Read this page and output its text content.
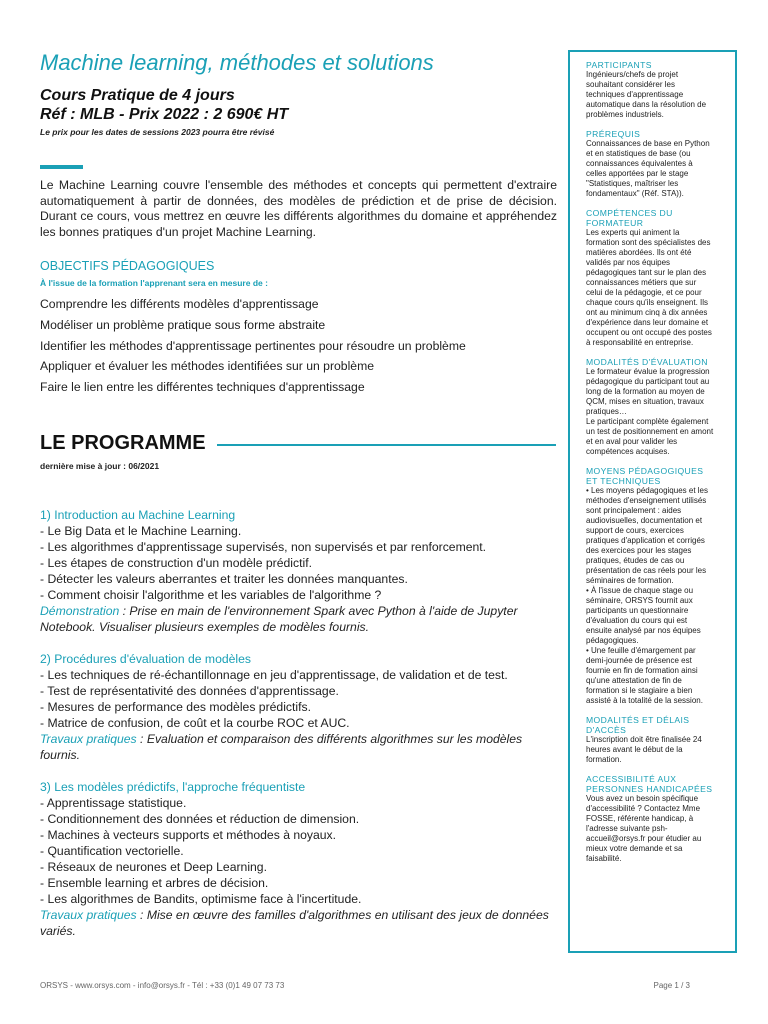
Machine learning, méthodes et solutions
Cours Pratique de 4 jours
Réf : MLB - Prix 2022 : 2 690€ HT
Le prix pour les dates de sessions 2023 pourra être révisé
Le Machine Learning couvre l'ensemble des méthodes et concepts qui permettent d'extraire automatiquement à partir de données, des modèles de prédiction et de prise de décision. Durant ce cours, vous mettrez en œuvre les différents algorithmes du domaine et appréhendez les bonnes pratiques d'un projet Machine Learning.
OBJECTIFS PÉDAGOGIQUES
À l'issue de la formation l'apprenant sera en mesure de :
Comprendre les différents modèles d'apprentissage
Modéliser un problème pratique sous forme abstraite
Identifier les méthodes d'apprentissage pertinentes pour résoudre un problème
Appliquer et évaluer les méthodes identifiées sur un problème
Faire le lien entre les différentes techniques d'apprentissage
LE PROGRAMME
dernière mise à jour : 06/2021
1) Introduction au Machine Learning
- Le Big Data et le Machine Learning.
- Les algorithmes d'apprentissage supervisés, non supervisés et par renforcement.
- Les étapes de construction d'un modèle prédictif.
- Détecter les valeurs aberrantes et traiter les données manquantes.
- Comment choisir l'algorithme et les variables de l'algorithme ?
Démonstration : Prise en main de l'environnement Spark avec Python à l'aide de Jupyter Notebook. Visualiser plusieurs exemples de modèles fournis.
2) Procédures d'évaluation de modèles
- Les techniques de ré-échantillonnage en jeu d'apprentissage, de validation et de test.
- Test de représentativité des données d'apprentissage.
- Mesures de performance des modèles prédictifs.
- Matrice de confusion, de coût et la courbe ROC et AUC.
Travaux pratiques : Evaluation et comparaison des différents algorithmes sur les modèles fournis.
3) Les modèles prédictifs, l'approche fréquentiste
- Apprentissage statistique.
- Conditionnement des données et réduction de dimension.
- Machines à vecteurs supports et méthodes à noyaux.
- Quantification vectorielle.
- Réseaux de neurones et Deep Learning.
- Ensemble learning et arbres de décision.
- Les algorithmes de Bandits, optimisme face à l'incertitude.
Travaux pratiques : Mise en œuvre des familles d'algorithmes en utilisant des jeux de données variés.
PARTICIPANTS
Ingénieurs/chefs de projet
souhaitant considérer les
techniques d'apprentissage
automatique dans la résolution de
problèmes industriels.
PRÉREQUIS
Connaissances de base en Python
et en statistiques de base (ou
connaissances équivalentes à
celles apportées par le stage
"Statistiques, maîtriser les
fondamentaux" (Réf. STA)).
COMPÉTENCES DU
FORMATEUR
Les experts qui animent la
formation sont des spécialistes des
matières abordées. Ils ont été
validés par nos équipes
pédagogiques tant sur le plan des
connaissances métiers que sur
celui de la pédagogie, et ce pour
chaque cours qu'ils enseignent. Ils
ont au minimum cinq à dix années
d'expérience dans leur domaine et
occupent ou ont occupé des postes
à responsabilité en entreprise.
MODALITÉS D'ÉVALUATION
Le formateur évalue la progression
pédagogique du participant tout au
long de la formation au moyen de
QCM, mises en situation, travaux
pratiques…
Le participant complète également
un test de positionnement en amont
et en aval pour valider les
compétences acquises.
MOYENS PÉDAGOGIQUES
ET TECHNIQUES
• Les moyens pédagogiques et les
méthodes d'enseignement utilisés
sont principalement : aides
audiovisuelles, documentation et
support de cours, exercices
pratiques d'application et corrigés
des exercices pour les stages
pratiques, études de cas ou
présentation de cas réels pour les
séminaires de formation.
• À l'issue de chaque stage ou
séminaire, ORSYS fournit aux
participants un questionnaire
d'évaluation du cours qui est
ensuite analysé par nos équipes
pédagogiques.
• Une feuille d'émargement par
demi-journée de présence est
fournie en fin de formation ainsi
qu'une attestation de fin de
formation si le stagiaire a bien
assisté à la totalité de la session.
MODALITÉS ET DÉLAIS
D'ACCÈS
L'inscription doit être finalisée 24
heures avant le début de la
formation.
ACCESSIBILITÉ AUX
PERSONNES HANDICAPÉES
Vous avez un besoin spécifique
d'accessibilité ? Contactez Mme
FOSSE, référente handicap, à
l'adresse suivante psh-
accueil@orsys.fr pour étudier au
mieux votre demande et sa
faisabilité.
ORSYS - www.orsys.com - info@orsys.fr - Tél : +33 (0)1 49 07 73 73	Page 1 / 3
